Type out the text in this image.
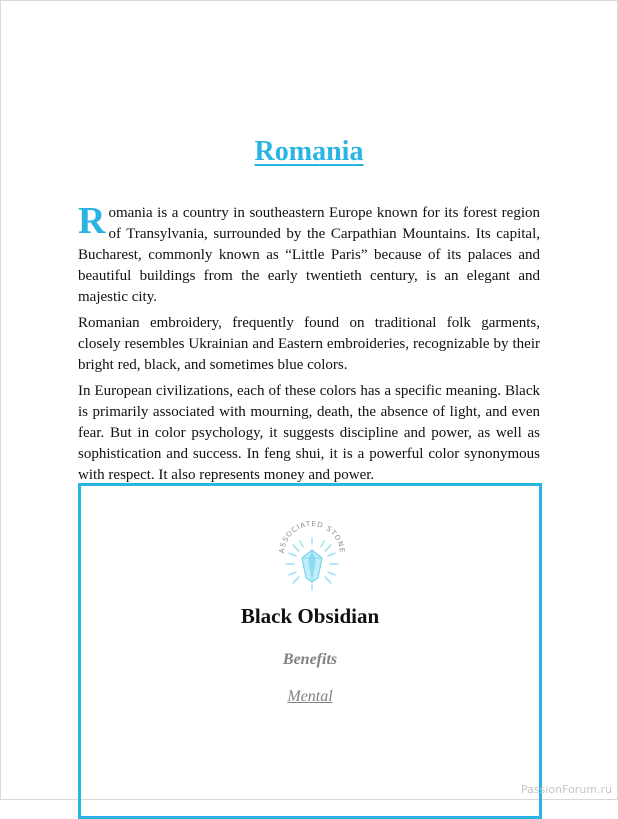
Romania

Romania is a country in southeastern Europe known for its forest region of Transylvania, surrounded by the Carpathian Mountains. Its capital, Bucharest, commonly known as “Little Paris” because of its palaces and beautiful buildings from the early twentieth century, is an elegant and majestic city.

Romanian embroidery, frequently found on traditional folk garments, closely resembles Ukrainian and Eastern embroideries, recognizable by their bright red, black, and sometimes blue colors.

In European civilizations, each of these colors has a specific meaning. Black is primarily associated with mourning, death, the absence of light, and even fear. But in color psychology, it suggests discipline and power, as well as sophistication and success. In feng shui, it is a powerful color synonymous with respect. It also represents money and power.

ASSOCIATED STONE
Black Obsidian
Benefits
Mental
PassionForum.ru
